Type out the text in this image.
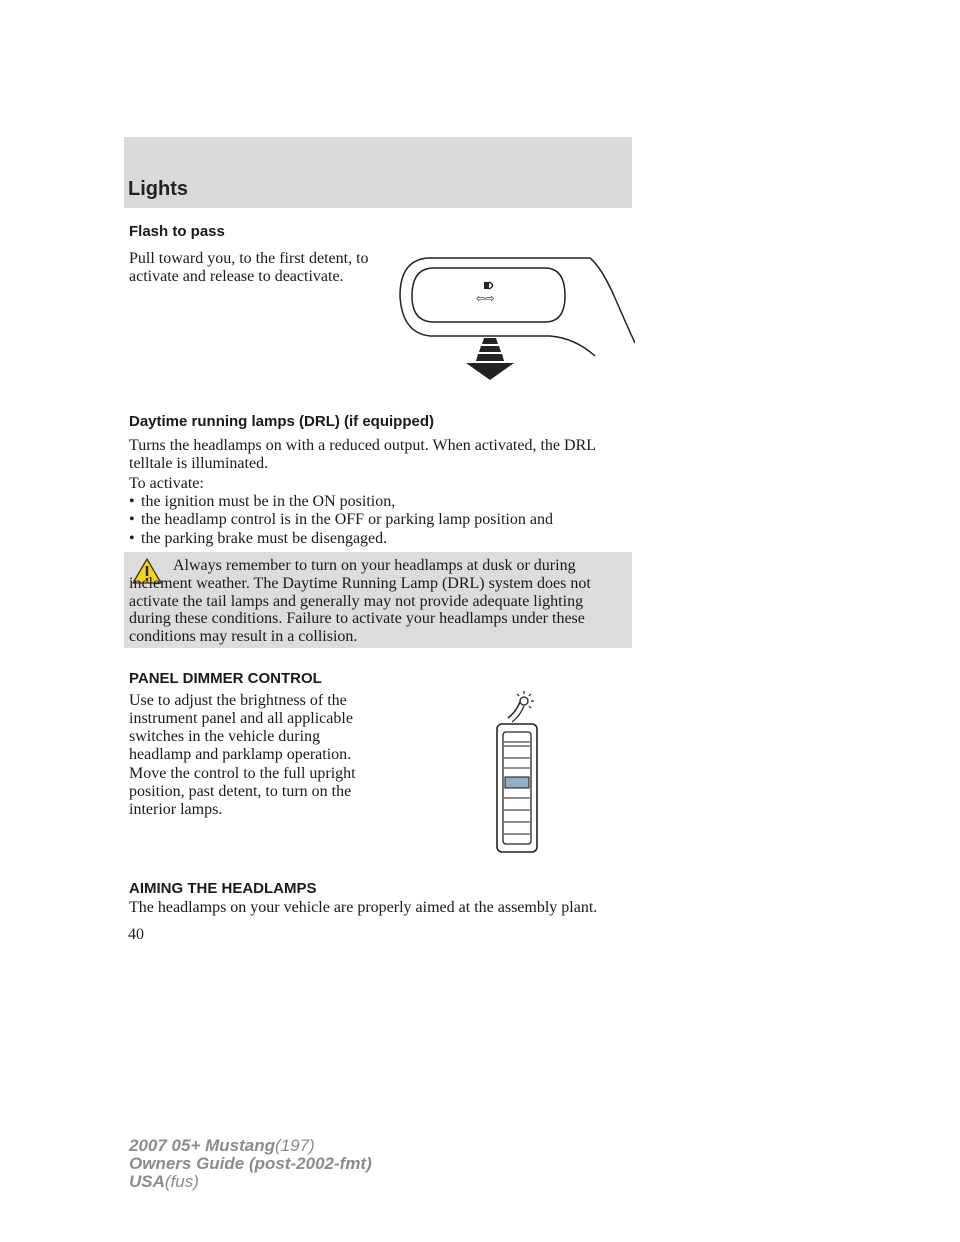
Lights
Flash to pass
Pull toward you, to the first detent, to activate and release to deactivate.
⇦⇨
Daytime running lamps (DRL) (if equipped)
Turns the headlamps on with a reduced output. When activated, the DRL telltale is illuminated.
To activate:
• the ignition must be in the ON position,
• the headlamp control is in the OFF or parking lamp position and
• the parking brake must be disengaged.
Always remember to turn on your headlamps at dusk or during inclement weather. The Daytime Running Lamp (DRL) system does not activate the tail lamps and generally may not provide adequate lighting during these conditions. Failure to activate your headlamps under these conditions may result in a collision.
PANEL DIMMER CONTROL
Use to adjust the brightness of the instrument panel and all applicable switches in the vehicle during headlamp and parklamp operation.
Move the control to the full upright position, past detent, to turn on the interior lamps.
AIMING THE HEADLAMPS
The headlamps on your vehicle are properly aimed at the assembly plant.
40
2007 05+ Mustang(197)
Owners Guide (post-2002-fmt)
USA(fus)
